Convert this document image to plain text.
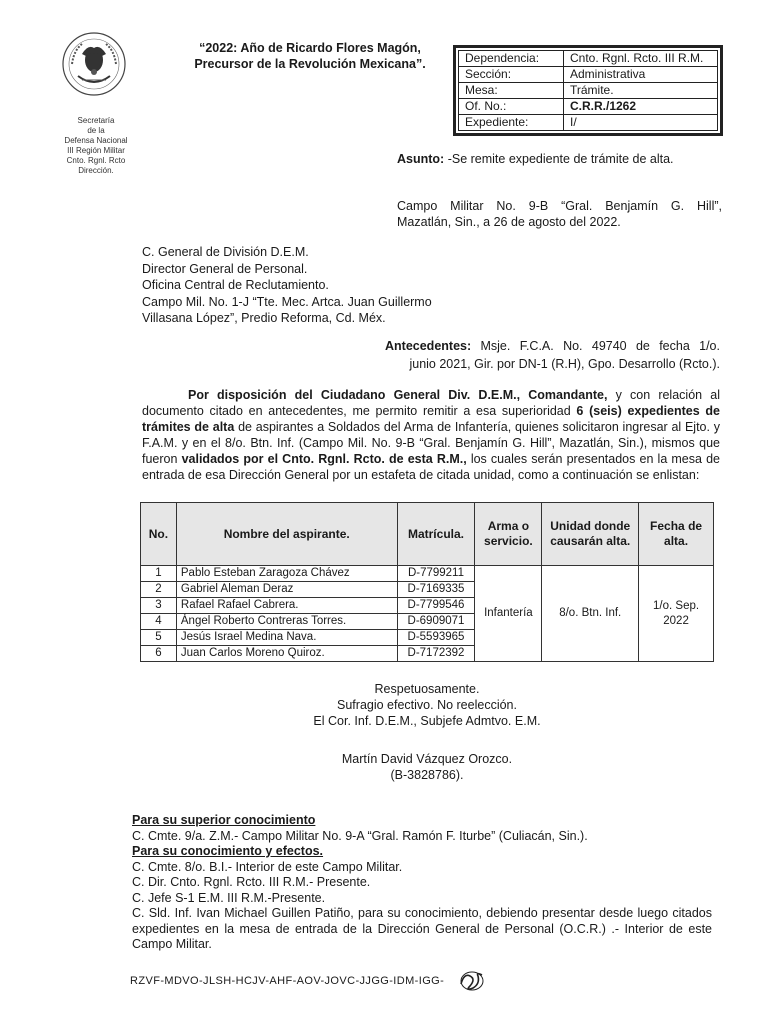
Secretaría
de la
Defensa Nacional
III Región Militar
Cnto. Rgnl. Rcto
Dirección.
“2022: Año de Ricardo Flores Magón,
Precursor de la Revolución Mexicana”.	Dependencia:	Cnto. Rgnl. Rcto. III R.M.
Sección:	Administrativa
Mesa:	Trámite.
Of. No.:	C.R.R./1262
Expediente:	I/
Asunto: -Se remite expediente de trámite de alta.
Campo Militar No. 9-B “Gral. Benjamín G. Hill”,
Mazatlán, Sin., a 26 de agosto del 2022.
C. General de División D.E.M.
Director General de Personal.
Oficina Central de Reclutamiento.
Campo Mil. No. 1-J “Tte. Mec. Artca. Juan Guillermo
Villasana López”, Predio Reforma, Cd. Méx.
Antecedentes: Msje. F.C.A. No. 49740 de fecha 1/o.
junio 2021, Gir. por DN-1 (R.H), Gpo. Desarrollo (Rcto.).
Por disposición del Ciudadano General Div. D.E.M., Comandante, y con relación al documento citado en antecedentes, me permito remitir a esa superioridad 6 (seis) expedientes de trámites de alta de aspirantes a Soldados del Arma de Infantería, quienes solicitaron ingresar al Ejto. y F.A.M. y en el 8/o. Btn. Inf. (Campo Mil. No. 9-B “Gral. Benjamín G. Hill”, Mazatlán, Sin.), mismos que fueron validados por el Cnto. Rgnl. Rcto. de esta R.M., los cuales serán presentados en la mesa de entrada de esa Dirección General por un estafeta de citada unidad, como a continuación se enlistan:
No.	Nombre del aspirante.	Matrícula.	Arma o servicio.	Unidad donde causarán alta.	Fecha de alta.
1	Pablo Esteban Zaragoza Chávez	D-7799211	Infantería	8/o. Btn. Inf.	1/o. Sep.
2022

2	Gabriel Aleman Deraz	D-7169335			
3	Rafael Rafael Cabrera.	D-7799546			
4	Ángel Roberto Contreras Torres.	D-6909071			
5	Jesús Israel Medina Nava.	D-5593965			
6	Juan Carlos Moreno Quiroz.	D-7172392			
Respetuosamente.
Sufragio efectivo. No reelección.
El Cor. Inf. D.E.M., Subjefe Admtvo. E.M.
Martín David Vázquez Orozco.
(B-3828786).
Para su superior conocimiento
C. Cmte. 9/a. Z.M.- Campo Militar No. 9-A “Gral. Ramón F. Iturbe” (Culiacán, Sin.).
Para su conocimiento y efectos.
C. Cmte. 8/o. B.I.- Interior de este Campo Militar.
C. Dir. Cnto. Rgnl. Rcto. III R.M.- Presente.
C. Jefe S-1 E.M. III R.M.-Presente.
C. Sld. Inf. Ivan Michael Guillen Patiño, para su conocimiento, debiendo presentar desde luego citados expedientes en la mesa de entrada de la Dirección General de Personal (O.C.R.) .- Interior de este Campo Militar.
RZVF-MDVO-JLSH-HCJV-AHF-AOV-JOVC-JJGG-IDM-IGG-
